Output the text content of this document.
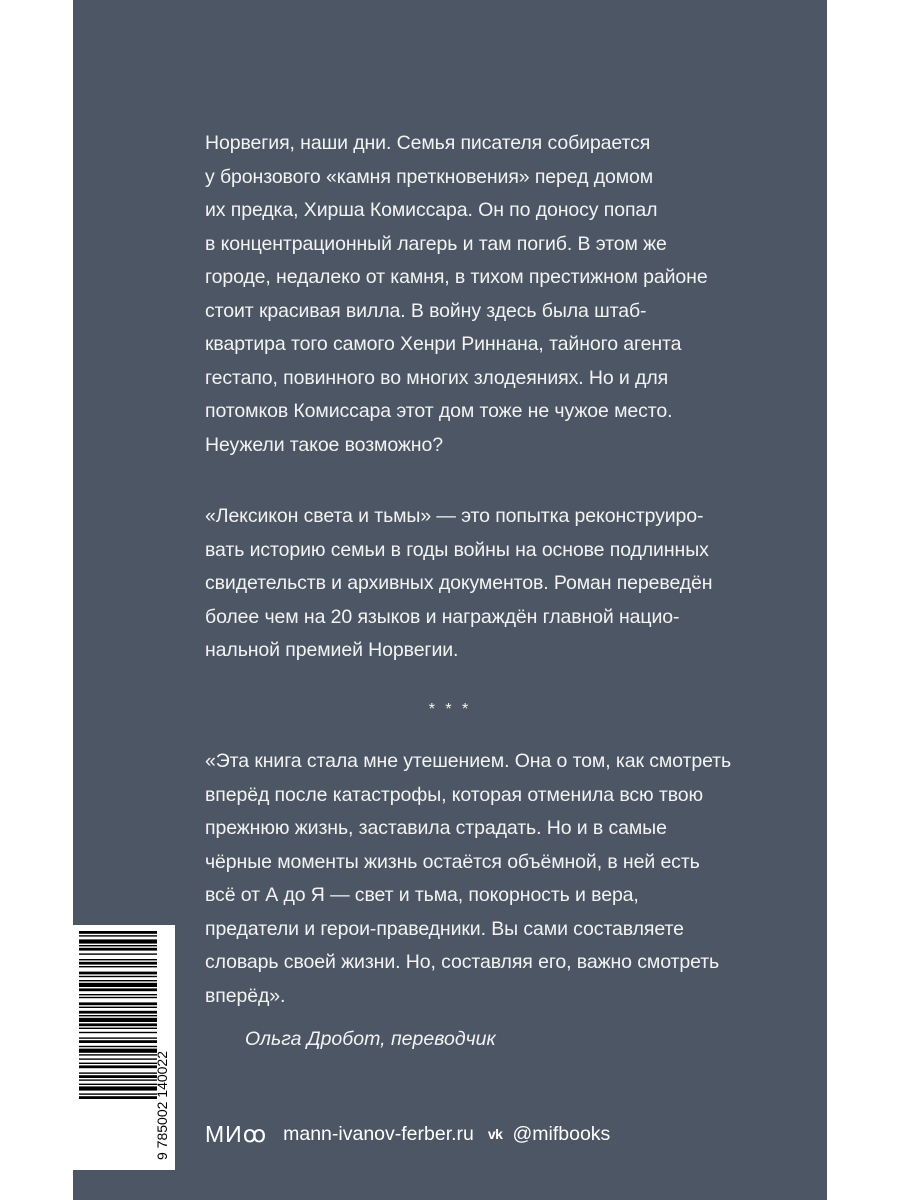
Норвегия, наши дни. Семья писателя собирается
у бронзового «камня преткновения» перед домом
их предка, Хирша Комиссара. Он по доносу попал
в концентрационный лагерь и там погиб. В этом же
городе, недалеко от камня, в тихом престижном районе
стоит красивая вилла. В войну здесь была штаб-
квартира того самого Хенри Риннана, тайного агента
гестапо, повинного во многих злодеяниях. Но и для
потомков Комиссара этот дом тоже не чужое место.
Неужели такое возможно?
«Лексикон света и тьмы» — это попытка реконструиро-
вать историю семьи в годы войны на основе подлинных
свидетельств и архивных документов. Роман переведён
более чем на 20 языков и награждён главной нацио-
нальной премией Норвегии.
* * *
«Эта книга стала мне утешением. Она о том, как смотреть
вперёд после катастрофы, которая отменила всю твою
прежнюю жизнь, заставила страдать. Но и в самые
чёрные моменты жизнь остаётся объёмной, в ней есть
всё от А до Я — свет и тьма, покорность и вера,
предатели и герои-праведники. Вы сами составляете
словарь своей жизни. Но, составляя его, важно смотреть
вперёд».
Ольга Дробот, переводчик
9 785002 140022 МИꝏ mann-ivanov-ferber.ru vk @mifbooks
